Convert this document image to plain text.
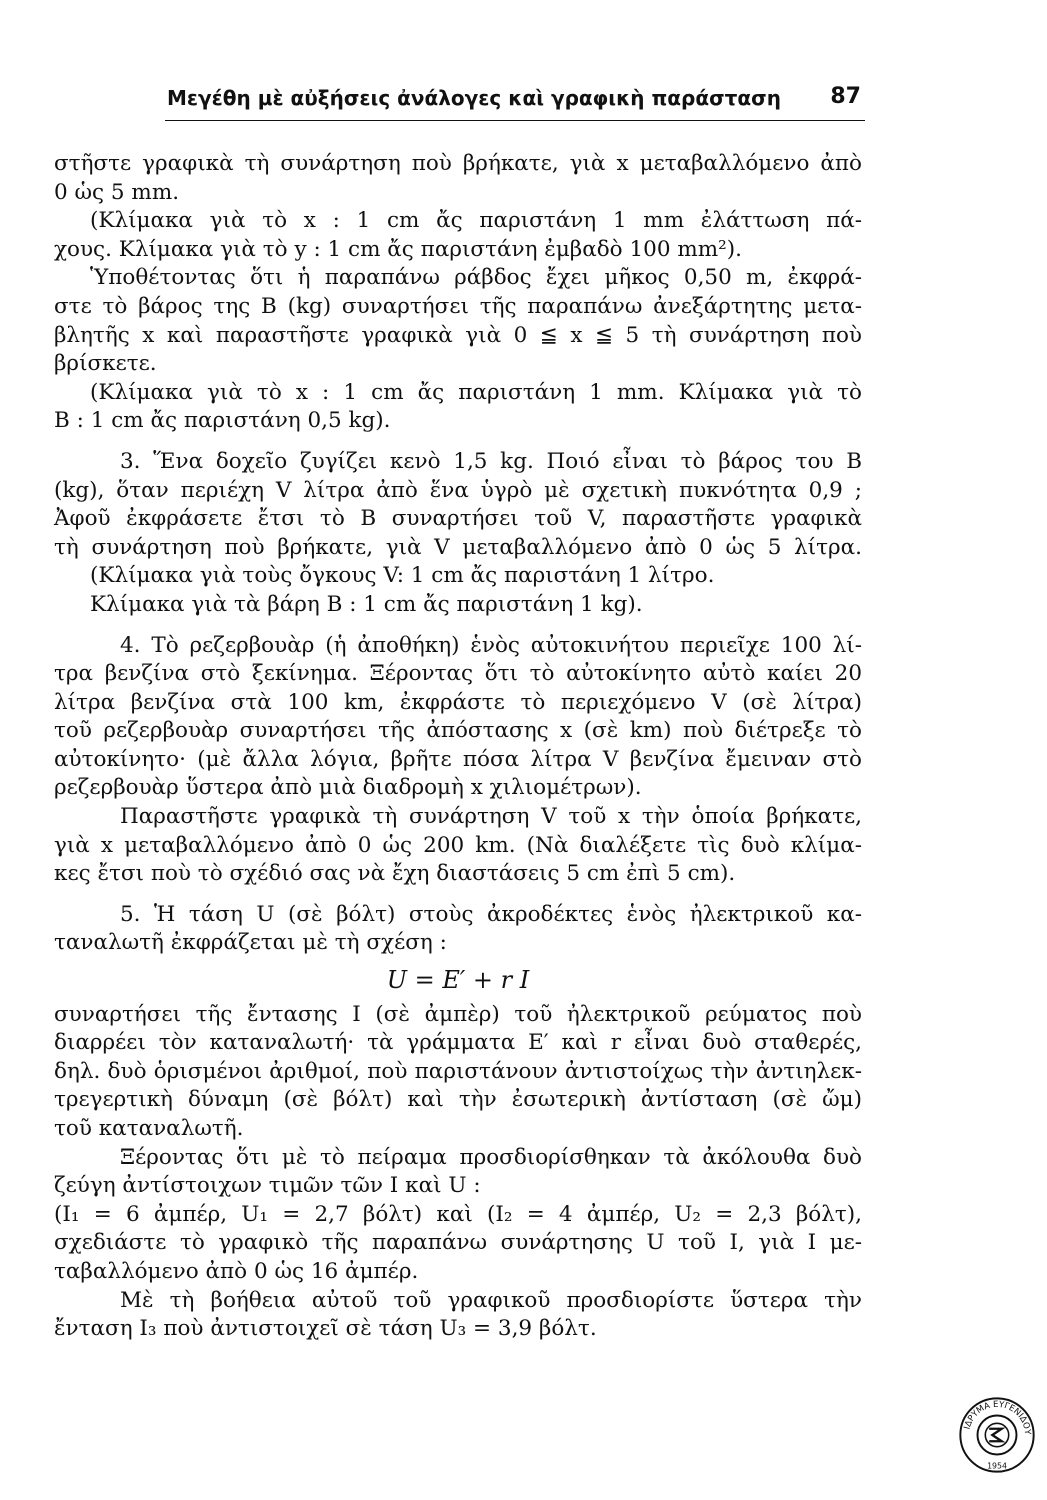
Μεγέθη μὲ αὐξήσεις ἀνάλογες καὶ γραφικὴ παράσταση 87
στῆστε γραφικὰ τὴ συνάρτηση ποὺ βρήκατε, γιὰ x μεταβαλλόμενο ἀπὸ
0 ὡς 5 mm.
(Κλίμακα γιὰ τὸ x : 1 cm ἄς παριστάνη 1 mm ἐλάττωση πά-
χους. Κλίμακα γιὰ τὸ y : 1 cm ἄς παριστάνη ἐμβαδὸ 100 mm²).
Ὑποθέτοντας ὅτι ἡ παραπάνω ράβδος ἔχει μῆκος 0,50 m, ἐκφρά-
στε τὸ βάρος της B (kg) συναρτήσει τῆς παραπάνω ἀνεξάρτητης μετα-
βλητῆς x καὶ παραστῆστε γραφικὰ γιὰ 0 ≦ x ≦ 5 τὴ συνάρτηση ποὺ
βρίσκετε.
(Κλίμακα γιὰ τὸ x : 1 cm ἄς παριστάνη 1 mm. Κλίμακα γιὰ τὸ
B : 1 cm ἄς παριστάνη 0,5 kg).
3. Ἕνα δοχεῖο ζυγίζει κενὸ 1,5 kg. Ποιό εἶναι τὸ βάρος του B
(kg), ὅταν περιέχη V λίτρα ἀπὸ ἕνα ὑγρὸ μὲ σχετικὴ πυκνότητα 0,9 ;
Ἀφοῦ ἐκφράσετε ἔτσι τὸ B συναρτήσει τοῦ V, παραστῆστε γραφικὰ
τὴ συνάρτηση ποὺ βρήκατε, γιὰ V μεταβαλλόμενο ἀπὸ 0 ὡς 5 λίτρα.
(Κλίμακα γιὰ τοὺς ὄγκους V: 1 cm ἄς παριστάνη 1 λίτρο.
Κλίμακα γιὰ τὰ βάρη B : 1 cm ἄς παριστάνη 1 kg).
4. Τὸ ρεζερβουὰρ (ἡ ἀποθήκη) ἑνὸς αὐτοκινήτου περιεῖχε 100 λί-
τρα βενζίνα στὸ ξεκίνημα. Ξέροντας ὅτι τὸ αὐτοκίνητο αὐτὸ καίει 20
λίτρα βενζίνα στὰ 100 km, ἐκφράστε τὸ περιεχόμενο V (σὲ λίτρα)
τοῦ ρεζερβουὰρ συναρτήσει τῆς ἀπόστασης x (σὲ km) ποὺ διέτρεξε τὸ
αὐτοκίνητο· (μὲ ἄλλα λόγια, βρῆτε πόσα λίτρα V βενζίνα ἔμειναν στὸ
ρεζερβουὰρ ὕστερα ἀπὸ μιὰ διαδρομὴ x χιλιομέτρων).
Παραστῆστε γραφικὰ τὴ συνάρτηση V τοῦ x τὴν ὁποία βρήκατε,
γιὰ x μεταβαλλόμενο ἀπὸ 0 ὡς 200 km. (Νὰ διαλέξετε τὶς δυὸ κλίμα-
κες ἔτσι ποὺ τὸ σχέδιό σας νὰ ἔχη διαστάσεις 5 cm ἐπὶ 5 cm).
5. Ἡ τάση U (σὲ βόλτ) στοὺς ἀκροδέκτες ἑνὸς ἠλεκτρικοῦ κα-
ταναλωτῆ ἐκφράζεται μὲ τὴ σχέση :
U = E′ + r I
συναρτήσει τῆς ἔντασης I (σὲ ἀμπὲρ) τοῦ ἠλεκτρικοῦ ρεύματος ποὺ
διαρρέει τὸν καταναλωτή· τὰ γράμματα E′ καὶ r εἶναι δυὸ σταθερές,
δηλ. δυὸ ὁρισμένοι ἀριθμοί, ποὺ παριστάνουν ἀντιστοίχως τὴν ἀντιηλεκ-
τρεγερτικὴ δύναμη (σὲ βόλτ) καὶ τὴν ἐσωτερικὴ ἀντίσταση (σὲ ὤμ)
τοῦ καταναλωτῆ.
Ξέροντας ὅτι μὲ τὸ πείραμα προσδιορίσθηκαν τὰ ἀκόλουθα δυὸ
ζεύγη ἀντίστοιχων τιμῶν τῶν I καὶ U :
(I₁ = 6 ἀμπέρ, U₁ = 2,7 βόλτ) καὶ (I₂ = 4 ἀμπέρ, U₂ = 2,3 βόλτ),
σχεδιάστε τὸ γραφικὸ τῆς παραπάνω συνάρτησης U τοῦ I, γιὰ I με-
ταβαλλόμενο ἀπὸ 0 ὡς 16 ἀμπέρ.
Μὲ τὴ βοήθεια αὐτοῦ τοῦ γραφικοῦ προσδιορίστε ὕστερα τὴν
ἔνταση I₃ ποὺ ἀντιστοιχεῖ σὲ τάση U₃ = 3,9 βόλτ.
ΙΔΡΥΜΑ ΕΥΓΕΝΙΔΟΥ
1954
